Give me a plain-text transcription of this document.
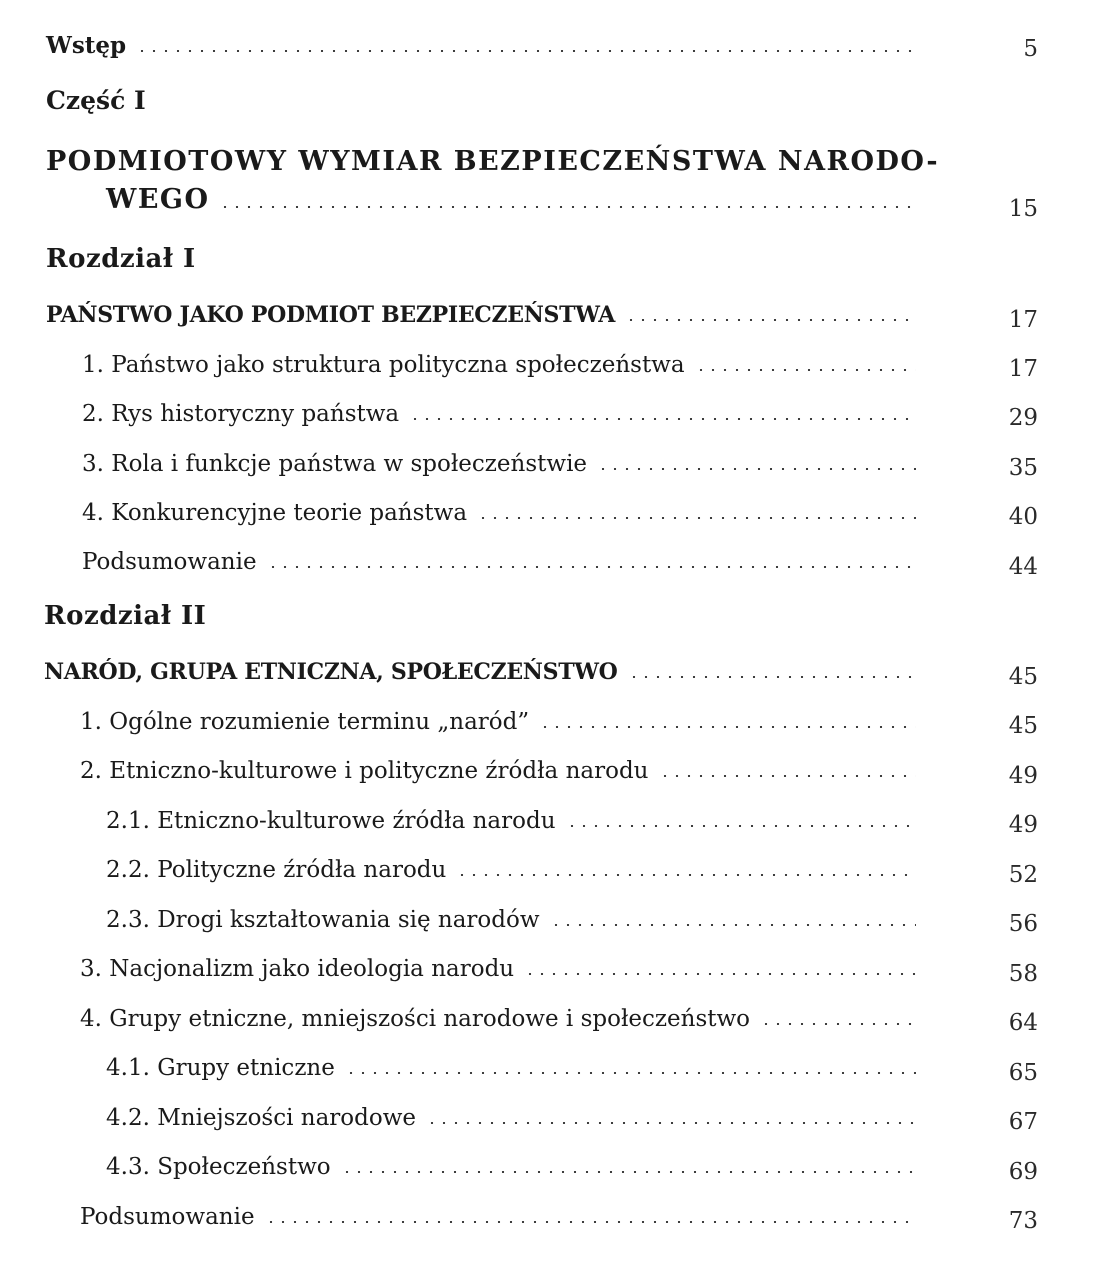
Wstęp	5
Część I
PODMIOTOWY WYMIAR BEZPIECZEŃSTWA NARODO-
WEGO	15
Rozdział I
PAŃSTWO JAKO PODMIOT BEZPIECZEŃSTWA	17
1. Państwo jako struktura polityczna społeczeństwa	17
2. Rys historyczny państwa	29
3. Rola i funkcje państwa w społeczeństwie	35
4. Konkurencyjne teorie państwa	40
Podsumowanie	44
Rozdział II
NARÓD, GRUPA ETNICZNA, SPOŁECZEŃSTWO	45
1. Ogólne rozumienie terminu „naród”	45
2. Etniczno-kulturowe i polityczne źródła narodu	49
2.1. Etniczno-kulturowe źródła narodu	49
2.2. Polityczne źródła narodu	52
2.3. Drogi kształtowania się narodów	56
3. Nacjonalizm jako ideologia narodu	58
4. Grupy etniczne, mniejszości narodowe i społeczeństwo	64
4.1. Grupy etniczne	65
4.2. Mniejszości narodowe	67
4.3. Społeczeństwo	69
Podsumowanie	73
